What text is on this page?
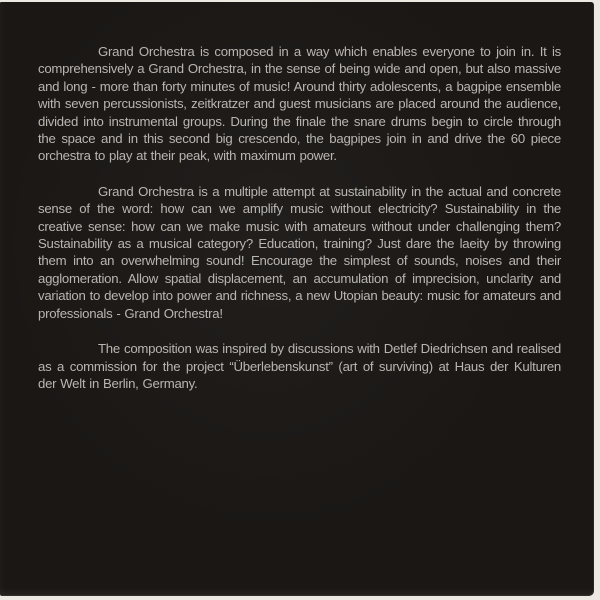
Grand Orchestra is composed in a way which enables everyone to join in. It is comprehensively a Grand Orchestra, in the sense of being wide and open, but also massive and long - more than forty minutes of music! Around thirty adolescents, a bagpipe ensemble with seven percussionists, zeitkratzer and guest musicians are placed around the audience, divided into instrumental groups. During the finale the snare drums begin to circle through the space and in this second big crescendo, the bagpipes join in and drive the 60 piece orchestra to play at their peak, with maximum power.

Grand Orchestra is a multiple attempt at sustainability in the actual and concrete sense of the word: how can we amplify music without electricity? Sustainability in the creative sense: how can we make music with amateurs without under challenging them? Sustainability as a musical category? Education, training? Just dare the laeity by throwing them into an overwhelming sound! Encourage the simplest of sounds, noises and their agglomeration. Allow spatial displacement, an accumulation of imprecision, unclarity and variation to develop into power and richness, a new Utopian beauty: music for amateurs and professionals - Grand Orchestra!

The composition was inspired by discussions with Detlef Diedrichsen and realised as a commission for the project “Überlebenskunst” (art of surviving) at Haus der Kulturen der Welt in Berlin, Germany.
